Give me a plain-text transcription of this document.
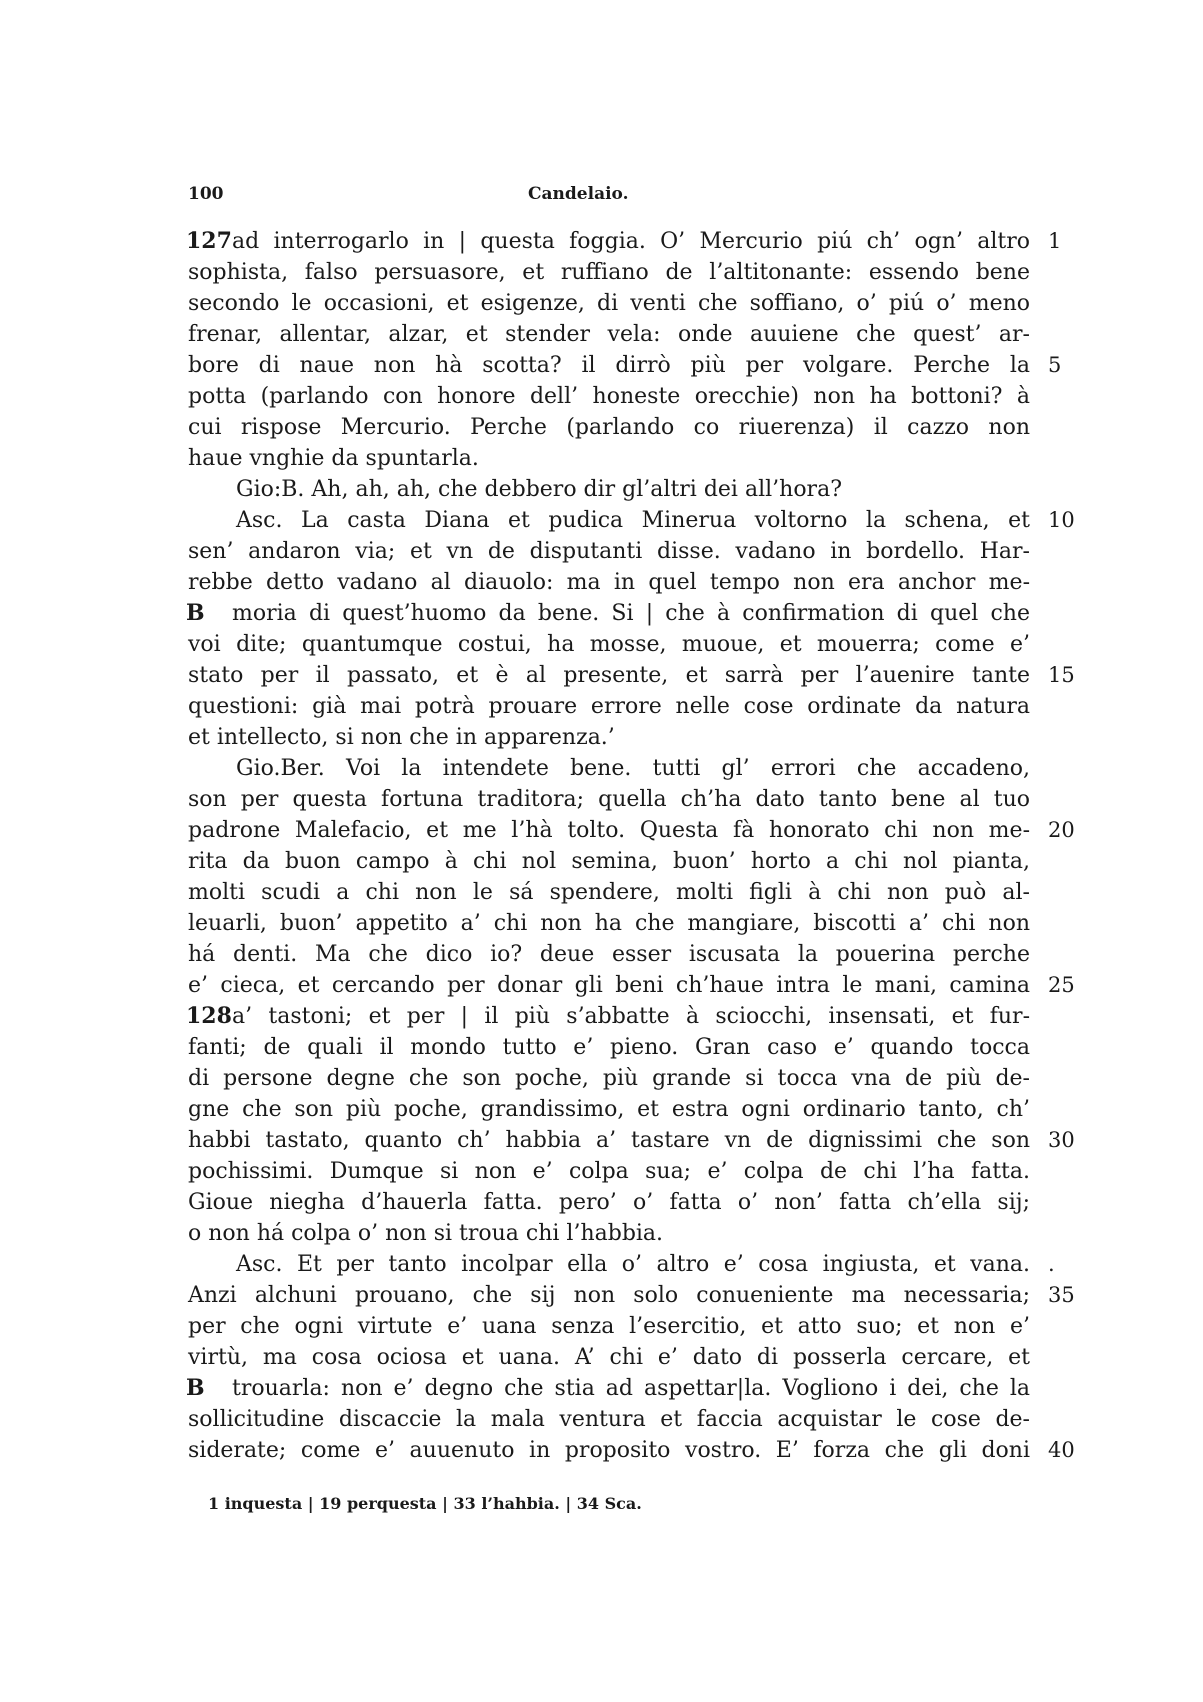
100	Candelaio.
127 ad interrogarlo in | questa foggia. O’ Mercurio piú ch’ ogn’ altro 1
sophista, falso persuasore, et ruffiano de l’altitonante: essendo bene
secondo le occasioni, et esigenze, di venti che soffiano, o’ piú o’ meno
frenar, allentar, alzar, et stender vela: onde auuiene che quest’ ar-
bore di naue non hà scotta? il dirrò più per volgare. Perche la 5
potta (parlando con honore dell’ honeste orecchie) non ha bottoni? à
cui rispose Mercurio. Perche (parlando co riuerenza) il cazzo non
haue vnghie da spuntarla.
Gio:B. Ah, ah, ah, che debbero dir gl’altri dei all’hora?
Asc. La casta Diana et pudica Minerua voltorno la schena, et 10
sen’ andaron via; et vn de disputanti disse. vadano in bordello. Har-
rebbe detto vadano al diauolo: ma in quel tempo non era anchor me-
B	moria di quest’huomo da bene. Si | che à confirmation di quel che
voi dite; quantumque costui, ha mosse, muoue, et mouerra; come e’
stato per il passato, et è al presente, et sarrà per l’auenire tante 15
questioni: già mai potrà prouare errore nelle cose ordinate da natura
et intellecto, si non che in apparenza.’
Gio.Ber. Voi la intendete bene. tutti gl’ errori che accadeno,
son per questa fortuna traditora; quella ch’ha dato tanto bene al tuo
padrone Malefacio, et me l’hà tolto. Questa fà honorato chi non me- 20
rita da buon campo à chi nol semina, buon’ horto a chi nol pianta,
molti scudi a chi non le sá spendere, molti figli à chi non può al-
leuarli, buon’ appetito a’ chi non ha che mangiare, biscotti a’ chi non
há denti. Ma che dico io? deue esser iscusata la pouerina perche
e’ cieca, et cercando per donar gli beni ch’haue intra le mani, camina 25
128 a’ tastoni; et per | il più s’abbatte à sciocchi, insensati, et fur-
fanti; de quali il mondo tutto e’ pieno. Gran caso e’ quando tocca
di persone degne che son poche, più grande si tocca vna de più de-
gne che son più poche, grandissimo, et estra ogni ordinario tanto, ch’
habbi tastato, quanto ch’ habbia a’ tastare vn de dignissimi che son 30
pochissimi. Dumque si non e’ colpa sua; e’ colpa de chi l’ha fatta.
Gioue niegha d’hauerla fatta. pero’ o’ fatta o’ non’ fatta ch’ella sij;
o non há colpa o’ non si troua chi l’habbia.
Asc. Et per tanto incolpar ella o’ altro e’ cosa ingiusta, et vana. .
Anzi alchuni prouano, che sij non solo conueniente ma necessaria; 35
per che ogni virtute e’ uana senza l’esercitio, et atto suo; et non e’
virtù, ma cosa ociosa et uana. A’ chi e’ dato di posserla cercare, et
B	trouarla: non e’ degno che stia ad aspettar|la. Vogliono i dei, che la
sollicitudine discaccie la mala ventura et faccia acquistar le cose de-
siderate; come e’ auuenuto in proposito vostro. E’ forza che gli doni 40
1 inquesta | 19 perquesta | 33 l’hahbia. | 34 Sca.
